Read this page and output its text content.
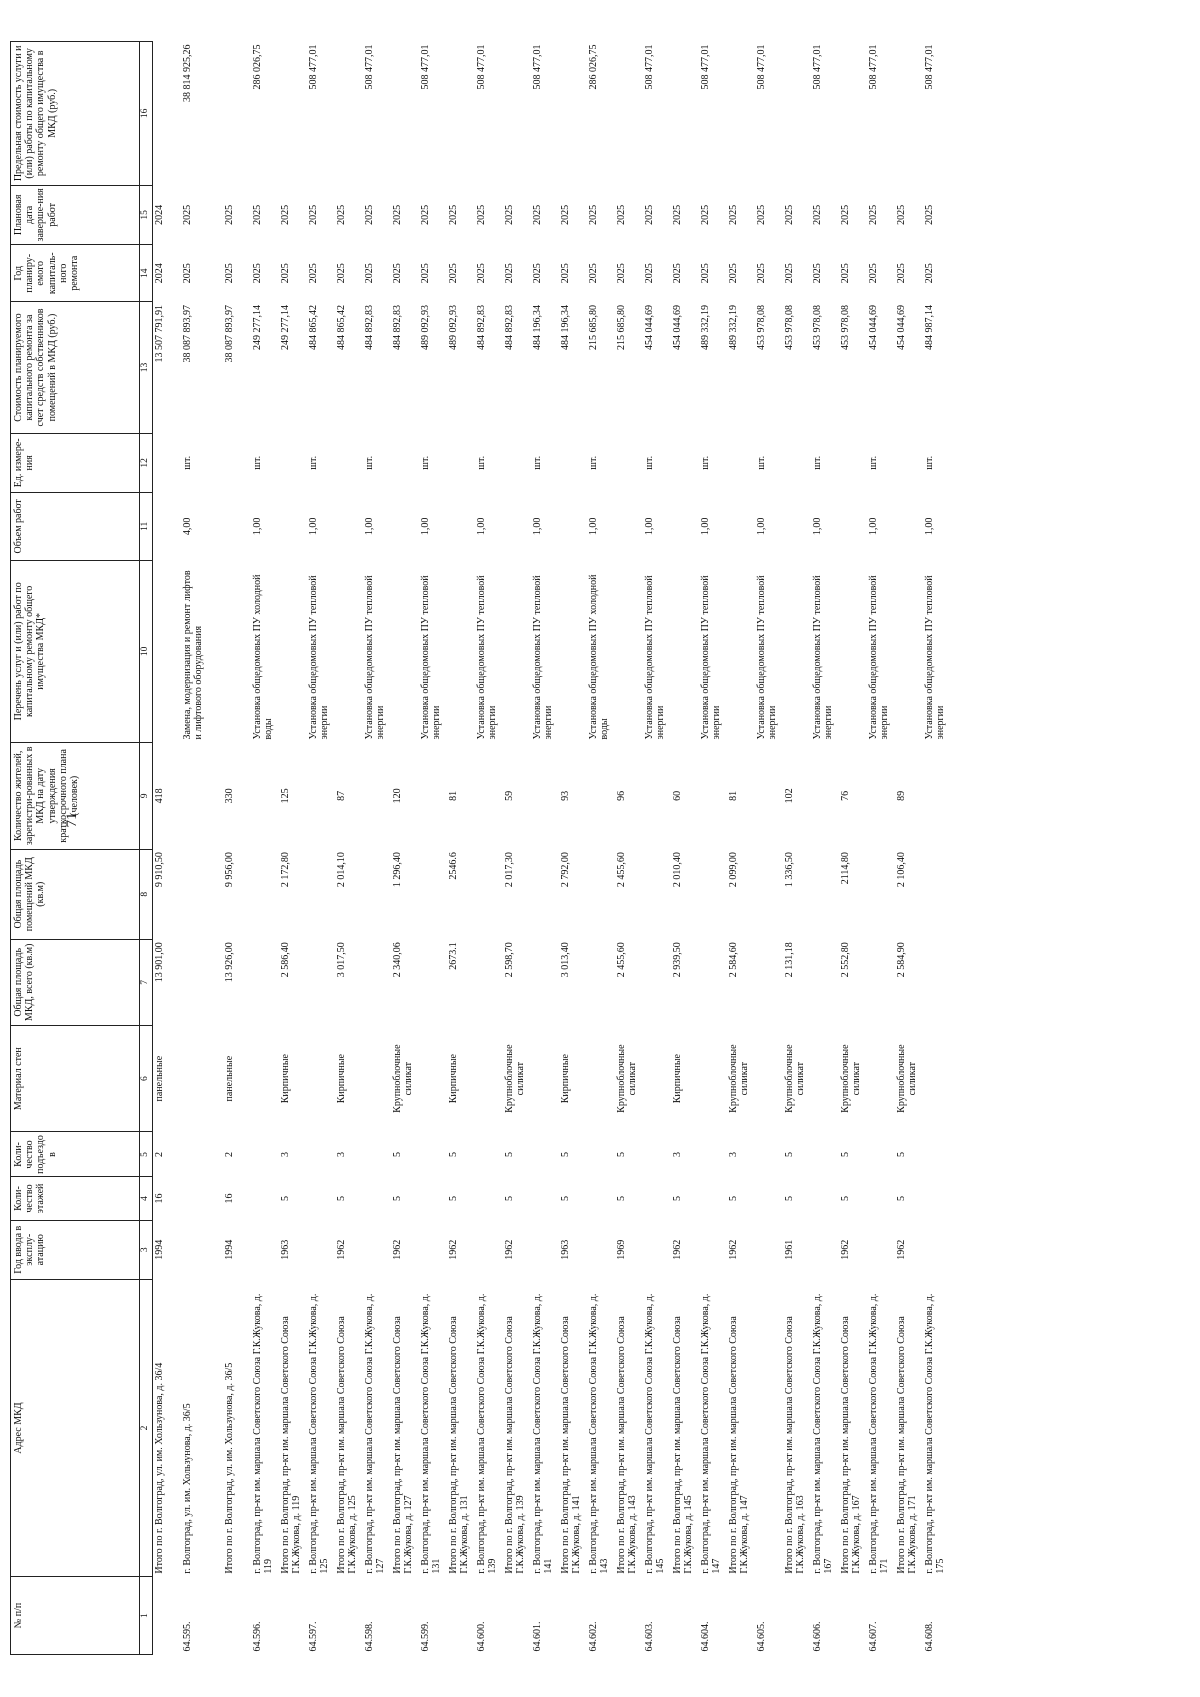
71
№ п/п	Адрес МКД	Год ввода в эксплу-атацию	Коли-чество этажей	Коли-чество подъездо в	Материал стен	Общая площадь МКД, всего (кв.м)	Общая площадь помещений МКД (кв.м)	Количество жителей, зарегистри-рованных в МКД на дату утверждения краткосрочного плана (человек)	Перечень услуг и (или) работ по капитальному ремонту общего имущества МКД*	Объем работ	Ед. измере-ния	Стоимость планируемого капитального ремонта за счет средств собственников помещений в МКД (руб.)	Год планиру-емого капиталь-ного ремонта	Плановая дата заверше-ния работ	Предельная стоимость услуги и (или) работы по капитальному ремонту общего имущества в МКД (руб.)
1	2	3	4	5	6	7	8	9	10	11	12	13	14	15	16
	Итого по г. Волгоград, ул. им. Хользунова, д. 36/4	1994	16	2	панельные	13 901,00	9 910,50	418				13 507 791,91	2024	2024	
64.595.	г. Волгоград, ул. им. Хользунова, д. 36/5								Замена, модернизация и ремонт лифтов и лифтового оборудования	4,00	шт.	38 087 893,97	2025	2025	38 814 925,26
	Итого по г. Волгоград, ул. им. Хользунова, д. 36/5	1994	16	2	панельные	13 926,00	9 956,00	330				38 087 893,97	2025	2025	
64.596.	г. Волгоград, пр-кт им. маршала Советского Союза Г.К.Жукова, д. 119								Установка общедомовых ПУ холодной воды	1,00	шт.	249 277,14	2025	2025	286 026,75
	Итого по г. Волгоград, пр-кт им. маршала Советского Союза Г.К.Жукова, д. 119	1963	5	3	Кирпичные	2 586,40	2 172,80	125				249 277,14	2025	2025	
64.597.	г. Волгоград, пр-кт им. маршала Советского Союза Г.К.Жукова, д. 125								Установка общедомовых ПУ тепловой энергии	1,00	шт.	484 865,42	2025	2025	508 477,01
	Итого по г. Волгоград, пр-кт им. маршала Советского Союза Г.К.Жукова, д. 125	1962	5	3	Кирпичные	3 017,50	2 014,10	87				484 865,42	2025	2025	
64.598.	г. Волгоград, пр-кт им. маршала Советского Союза Г.К.Жукова, д. 127								Установка общедомовых ПУ тепловой энергии	1,00	шт.	484 892,83	2025	2025	508 477,01
	Итого по г. Волгоград, пр-кт им. маршала Советского Союза Г.К.Жукова, д. 127	1962	5	5	Крупноблочные силикат	2 340,06	1 296,40	120				484 892,83	2025	2025	
64.599.	г. Волгоград, пр-кт им. маршала Советского Союза Г.К.Жукова, д. 131								Установка общедомовых ПУ тепловой энергии	1,00	шт.	489 092,93	2025	2025	508 477,01
	Итого по г. Волгоград, пр-кт им. маршала Советского Союза Г.К.Жукова, д. 131	1962	5	5	Кирпичные	2673.1	2546.6	81				489 092,93	2025	2025	
64.600.	г. Волгоград, пр-кт им. маршала Советского Союза Г.К.Жукова, д. 139								Установка общедомовых ПУ тепловой энергии	1,00	шт.	484 892,83	2025	2025	508 477,01
	Итого по г. Волгоград, пр-кт им. маршала Советского Союза Г.К.Жукова, д. 139	1962	5	5	Крупноблочные силикат	2 598,70	2 017,30	59				484 892,83	2025	2025	
64.601.	г. Волгоград, пр-кт им. маршала Советского Союза Г.К.Жукова, д. 141								Установка общедомовых ПУ тепловой энергии	1,00	шт.	484 196,34	2025	2025	508 477,01
	Итого по г. Волгоград, пр-кт им. маршала Советского Союза Г.К.Жукова, д. 141	1963	5	5	Кирпичные	3 013,40	2 792,00	93				484 196,34	2025	2025	
64.602.	г. Волгоград, пр-кт им. маршала Советского Союза Г.К.Жукова, д. 143								Установка общедомовых ПУ холодной воды	1,00	шт.	215 685,80	2025	2025	286 026,75
	Итого по г. Волгоград, пр-кт им. маршала Советского Союза Г.К.Жукова, д. 143	1969	5	5	Крупноблочные силикат	2 455,60	2 455,60	96				215 685,80	2025	2025	
64.603.	г. Волгоград, пр-кт им. маршала Советского Союза Г.К.Жукова, д. 145								Установка общедомовых ПУ тепловой энергии	1,00	шт.	454 044,69	2025	2025	508 477,01
	Итого по г. Волгоград, пр-кт им. маршала Советского Союза Г.К.Жукова, д. 145	1962	5	3	Кирпичные	2 939,50	2 010,40	60				454 044,69	2025	2025	
64.604.	г. Волгоград, пр-кт им. маршала Советского Союза Г.К.Жукова, д. 147								Установка общедомовых ПУ тепловой энергии	1,00	шт.	489 332,19	2025	2025	508 477,01
	Итого по г. Волгоград, пр-кт им. маршала Советского Союза Г.К.Жукова, д. 147	1962	5	3	Крупноблочные силикат	2 584,60	2 099,00	81				489 332,19	2025	2025	
64.605.									Установка общедомовых ПУ тепловой энергии	1,00	шт.	453 978,08	2025	2025	508 477,01
	Итого по г. Волгоград, пр-кт им. маршала Советского Союза Г.К.Жукова, д. 163	1961	5	5	Крупноблочные силикат	2 131,18	1 336,50	102				453 978,08	2025	2025	
64.606.	г. Волгоград, пр-кт им. маршала Советского Союза Г.К.Жукова, д. 167								Установка общедомовых ПУ тепловой энергии	1,00	шт.	453 978,08	2025	2025	508 477,01
	Итого по г. Волгоград, пр-кт им. маршала Советского Союза Г.К.Жукова, д. 167	1962	5	5	Крупноблочные силикат	2 552,80	2114,80	76				453 978,08	2025	2025	
64.607.	г. Волгоград, пр-кт им. маршала Советского Союза Г.К.Жукова, д. 171								Установка общедомовых ПУ тепловой энергии	1,00	шт.	454 044,69	2025	2025	508 477,01
	Итого по г. Волгоград, пр-кт им. маршала Советского Союза Г.К.Жукова, д. 171	1962	5	5	Крупноблочные силикат	2 584,90	2 106,40	89				454 044,69	2025	2025	
64.608.	г. Волгоград, пр-кт им. маршала Советского Союза Г.К.Жукова, д. 175								Установка общедомовых ПУ тепловой энергии	1,00	шт.	484 987,14	2025	2025	508 477,01
